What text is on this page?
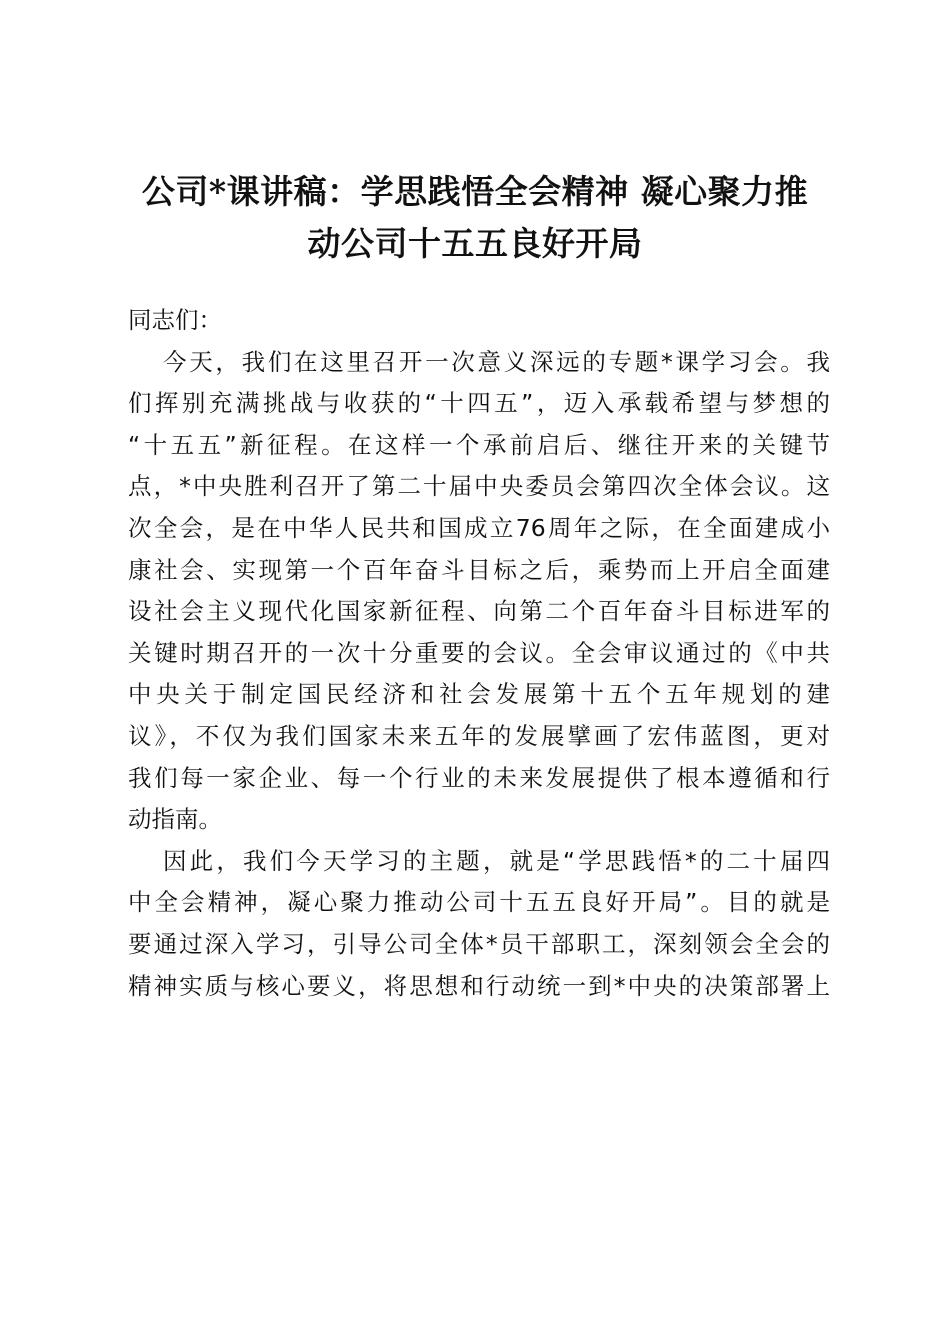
公司*课讲稿：学思践悟全会精神 凝心聚力推
动公司十五五良好开局
同志们：
今天，我们在这里召开一次意义深远的专题*课学习会。我
们挥别充满挑战与收获的“十四五”，迈入承载希望与梦想的
“十五五”新征程。在这样一个承前启后、继往开来的关键节
点，*中央胜利召开了第二十届中央委员会第四次全体会议。这
次全会，是在中华人民共和国成立76周年之际，在全面建成小
康社会、实现第一个百年奋斗目标之后，乘势而上开启全面建
设社会主义现代化国家新征程、向第二个百年奋斗目标进军的
关键时期召开的一次十分重要的会议。全会审议通过的《中共
中央关于制定国民经济和社会发展第十五个五年规划的建
议》，不仅为我们国家未来五年的发展擘画了宏伟蓝图，更对
我们每一家企业、每一个行业的未来发展提供了根本遵循和行
动指南。
因此，我们今天学习的主题，就是“学思践悟*的二十届四
中全会精神，凝心聚力推动公司十五五良好开局”。目的就是
要通过深入学习，引导公司全体*员干部职工，深刻领会全会的
精神实质与核心要义，将思想和行动统一到*中央的决策部署上
